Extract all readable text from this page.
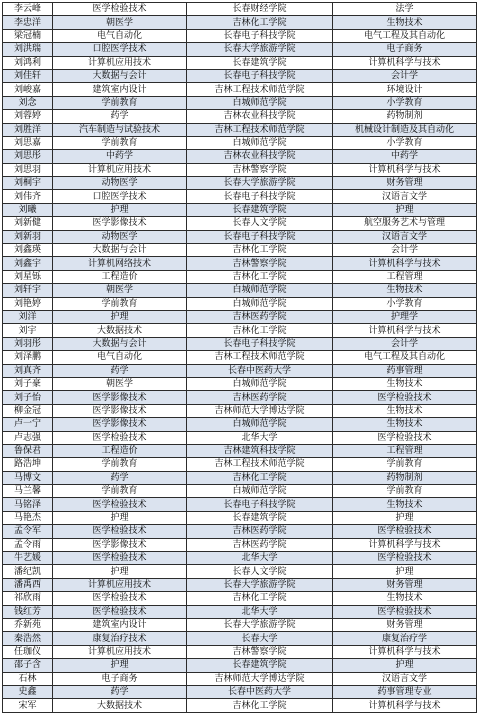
李云峰	医学检验技术	长春财经学院	法学
李忠洋	朝医学	吉林化工学院	生物技术
梁冠楠	电气自动化	长春电子科技学院	电气工程及其自动化
刘洪瑞	口腔医学技术	长春大学旅游学院	电子商务
刘鸿利	计算机应用技术	长春建筑学院	计算机科学与技术
刘佳轩	大数据与会计	长春电子科技学院	会计学
刘峻嘉	建筑室内设计	吉林工程技术师范学院	环境设计
刘念	学前教育	白城师范学院	小学教育
刘蓉婷	药学	吉林农业科技学院	药物制剂
刘胜洋	汽车制造与试验技术	吉林工程技术师范学院	机械设计制造及其自动化
刘思嘉	学前教育	白城师范学院	小学教育
刘思彤	中药学	吉林农业科技学院	中药学
刘思羽	计算机应用技术	吉林警察学院	计算机科学与技术
刘桐宇	动物医学	长春大学旅游学院	财务管理
刘伟齐	口腔医学技术	长春电子科技学院	汉语言文学
刘曦	护理	长春建筑学院	护理
刘新健	医学影像技术	长春人文学院	航空服务艺术与管理
刘新羽	动物医学	长春电子科技学院	汉语言文学
刘鑫瑛	大数据与会计	吉林化工学院	会计学
刘鑫宇	计算机网络技术	吉林警察学院	计算机科学与技术
刘星铄	工程造价	吉林化工学院	工程管理
刘轩宇	朝医学	白城师范学院	生物技术
刘艳婷	学前教育	白城师范学院	小学教育
刘洋	护理	吉林医药学院	护理学
刘宇	大数据技术	吉林化工学院	计算机科学与技术
刘羽彤	大数据与会计	长春电子科技学院	会计学
刘泽鹏	电气自动化	吉林工程技术师范学院	电气工程及其自动化
刘真齐	药学	长春中医药大学	药事管理
刘子豪	朝医学	白城师范学院	生物技术
刘子怡	医学影像技术	吉林医药学院	医学检验技术
柳金冠	医学影像技术	吉林师范大学博达学院	生物技术
卢一宁	医学影像技术	白城师范学院	生物技术
卢志强	医学检验技术	北华大学	医学检验技术
鲁保君	工程造价	吉林建筑科技学院	工程管理
路浩坤	学前教育	吉林工程技术师范学院	学前教育
马博文	药学	吉林化工学院	药物制剂
马兰馨	学前教育	白城师范学院	学前教育
马铭泽	医学检验技术	长春电子科技学院	生物技术
马艳杰	护理	长春建筑学院	护理
孟令军	医学检验技术	吉林医药学院	医学检验技术
孟令雨	医学影像技术	吉林医药学院	计算机科学与技术
牛艺媛	医学检验技术	北华大学	医学检验技术
潘纪凯	护理	长春人文学院	护理
潘禹西	计算机应用技术	长春大学旅游学院	财务管理
祁欣雨	医学检验技术	吉林化工学院	生物技术
钱红芳	医学检验技术	北华大学	医学检验技术
乔新苑	建筑室内设计	长春大学旅游学院	财务管理
秦浩然	康复治疗技术	长春大学	康复治疗学
任珈仪	计算机应用技术	吉林警察学院	计算机科学与技术
邵子含	护理	长春建筑学院	护理
石林	电子商务	吉林师范大学博达学院	汉语言文学
史鑫	药学	长春中医药大学	药事管理专业
宋军	大数据技术	吉林化工学院	计算机科学与技术
